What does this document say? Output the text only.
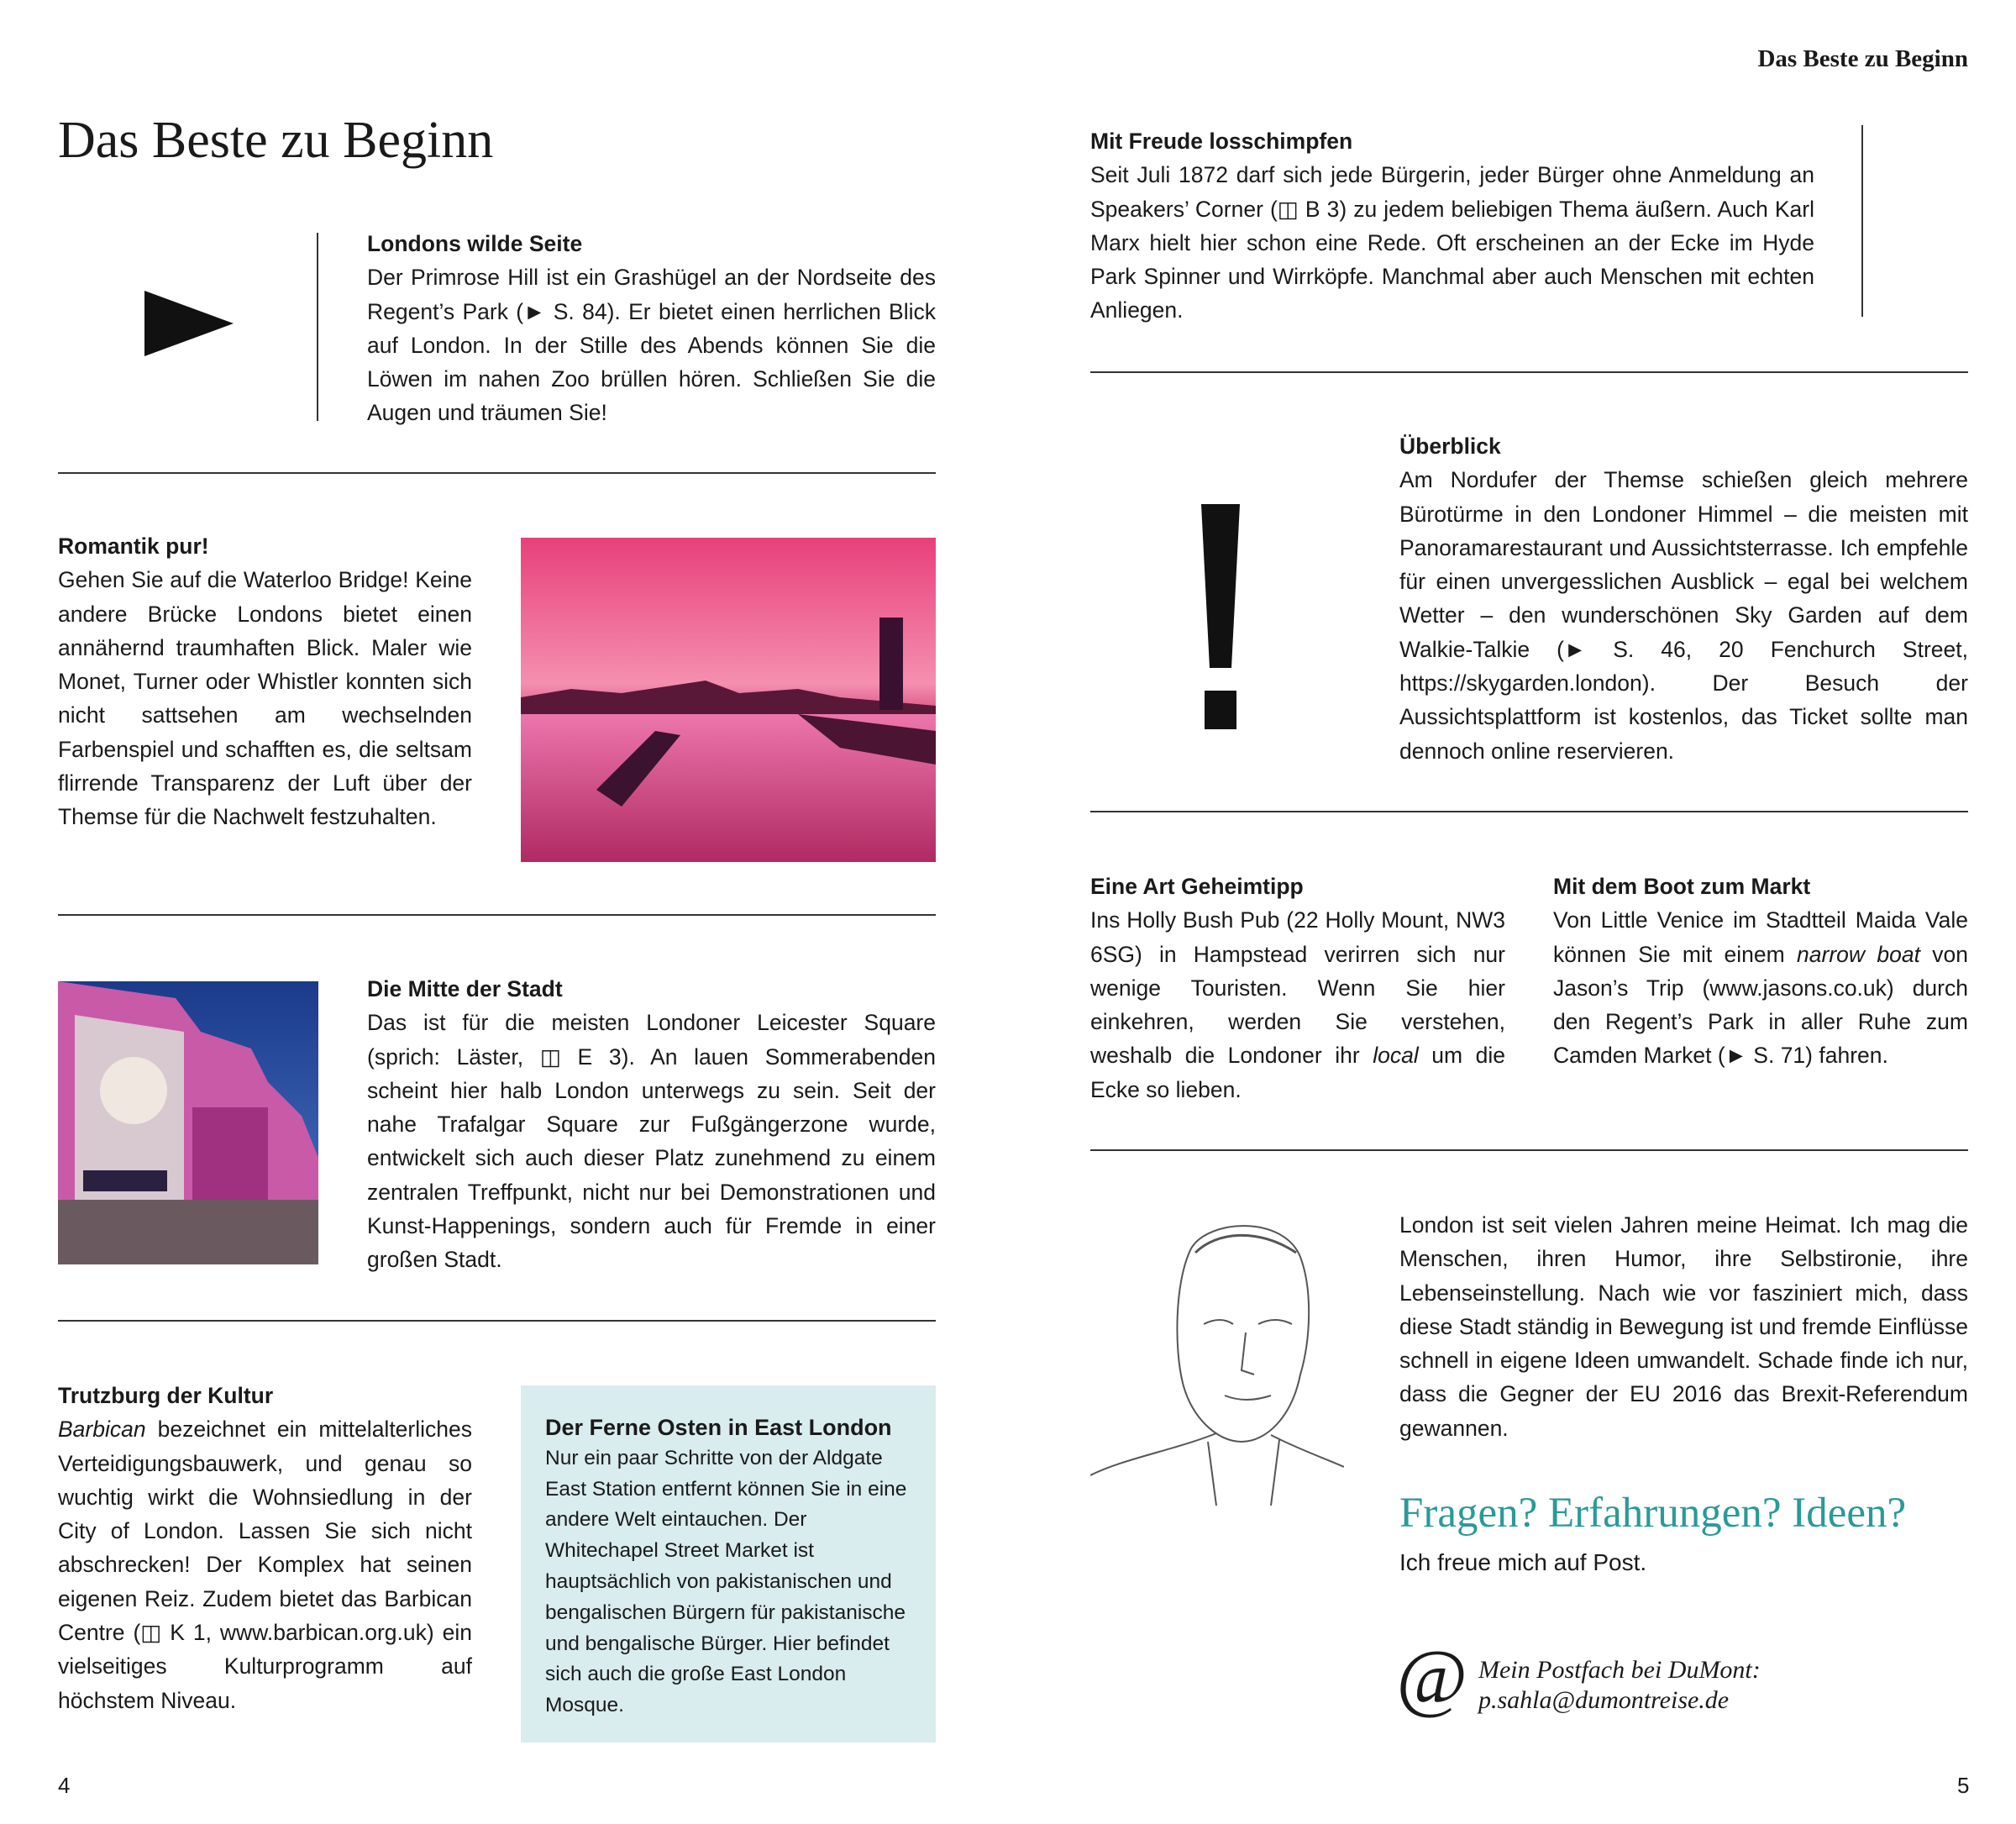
Das Beste zu Beginn
Das Beste zu Beginn
Londons wilde Seite
Der Primrose Hill ist ein Grashügel an der Nordseite des Regent’s Park (► S. 84). Er bietet einen herrlichen Blick auf London. In der Stille des Abends können Sie die Löwen im nahen Zoo brüllen hören. Schließen Sie die Augen und träumen Sie!
Romantik pur!
Gehen Sie auf die Waterloo Bridge! Keine andere Brücke Londons bietet einen annähernd traumhaften Blick. Maler wie Monet, Turner oder Whistler konnten sich nicht sattsehen am wechselnden Farbenspiel und schafften es, die seltsam flirrende Transparenz der Luft über der Themse für die Nachwelt festzuhalten.
Die Mitte der Stadt
Das ist für die meisten Londoner Leicester Square (sprich: Läster, ◫ E 3). An lauen Sommerabenden scheint hier halb London unterwegs zu sein. Seit der nahe Trafalgar Square zur Fußgängerzone wurde, entwickelt sich auch dieser Platz zunehmend zu einem zentralen Treffpunkt, nicht nur bei Demonstrationen und Kunst-Happenings, sondern auch für Fremde in einer großen Stadt.
Trutzburg der Kultur
Barbican bezeichnet ein mittelalterliches Verteidigungsbauwerk, und genau so wuchtig wirkt die Wohnsiedlung in der City of London. Lassen Sie sich nicht abschrecken! Der Komplex hat seinen eigenen Reiz. Zudem bietet das Barbican Centre (◫ K 1, www.barbican.org.uk) ein vielseitiges Kulturprogramm auf höchstem Niveau.
Der Ferne Osten in East London
Nur ein paar Schritte von der Aldgate East Station entfernt können Sie in eine andere Welt eintauchen. Der Whitechapel Street Market ist hauptsächlich von pakistanischen und bengalischen Bürgern für pakistanische und bengalische Bürger. Hier befindet sich auch die große East London Mosque.
4
Mit Freude losschimpfen
Seit Juli 1872 darf sich jede Bürgerin, jeder Bürger ohne Anmeldung an Speakers’ Corner (◫ B 3) zu jedem beliebigen Thema äußern. Auch Karl Marx hielt hier schon eine Rede. Oft erscheinen an der Ecke im Hyde Park Spinner und Wirrköpfe. Manchmal aber auch Menschen mit echten Anliegen.
Überblick
Am Nordufer der Themse schießen gleich mehrere Bürotürme in den Londoner Himmel – die meisten mit Panoramarestaurant und Aussichtsterrasse. Ich empfehle für einen unvergesslichen Ausblick – egal bei welchem Wetter – den wunderschönen Sky Garden auf dem Walkie-Talkie (► S. 46, 20 Fenchurch Street, https://skygarden.london). Der Besuch der Aussichtsplattform ist kostenlos, das Ticket sollte man dennoch online reservieren.
Eine Art Geheimtipp
Ins Holly Bush Pub (22 Holly Mount, NW3 6SG) in Hampstead verirren sich nur wenige Touristen. Wenn Sie hier einkehren, werden Sie verstehen, weshalb die Londoner ihr local um die Ecke so lieben.
Mit dem Boot zum Markt
Von Little Venice im Stadtteil Maida Vale können Sie mit einem narrow boat von Jason’s Trip (www.jasons.co.uk) durch den Regent’s Park in aller Ruhe zum Camden Market (► S. 71) fahren.
London ist seit vielen Jahren meine Heimat. Ich mag die Menschen, ihren Humor, ihre Selbstironie, ihre Lebenseinstellung. Nach wie vor fasziniert mich, dass diese Stadt ständig in Bewegung ist und fremde Einflüsse schnell in eigene Ideen umwandelt. Schade finde ich nur, dass die Gegner der EU 2016 das Brexit-Referendum gewannen.
Fragen? Erfahrungen? Ideen?
Ich freue mich auf Post.
@ Mein Postfach bei DuMont:
p.sahla@dumontreise.de
5
